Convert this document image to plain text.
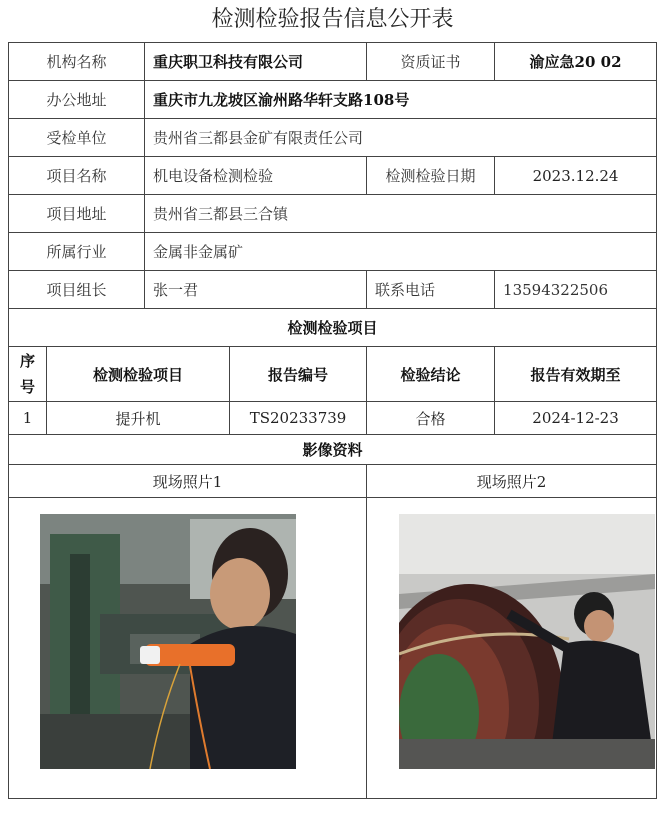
检测检验报告信息公开表
机构名称		重庆职卫科技有限公司		资质证书	渝应急20 02
办公地址		重庆市九龙坡区渝州路华轩支路108号			
受检单位		贵州省三都县金矿有限责任公司			
项目名称		机电设备检测检验		检测检验日期	2023.12.24
项目地址		贵州省三都县三合镇			
所属行业		金属非金属矿			
项目组长		张一君		联系电话	13594322506
检测检验项目					
序
号	检测检验项目		报告编号	检验结论	报告有效期至
1	提升机		TS20233739	合格	2024-12-23
影像资料					
现场照片1				现场照片2	
